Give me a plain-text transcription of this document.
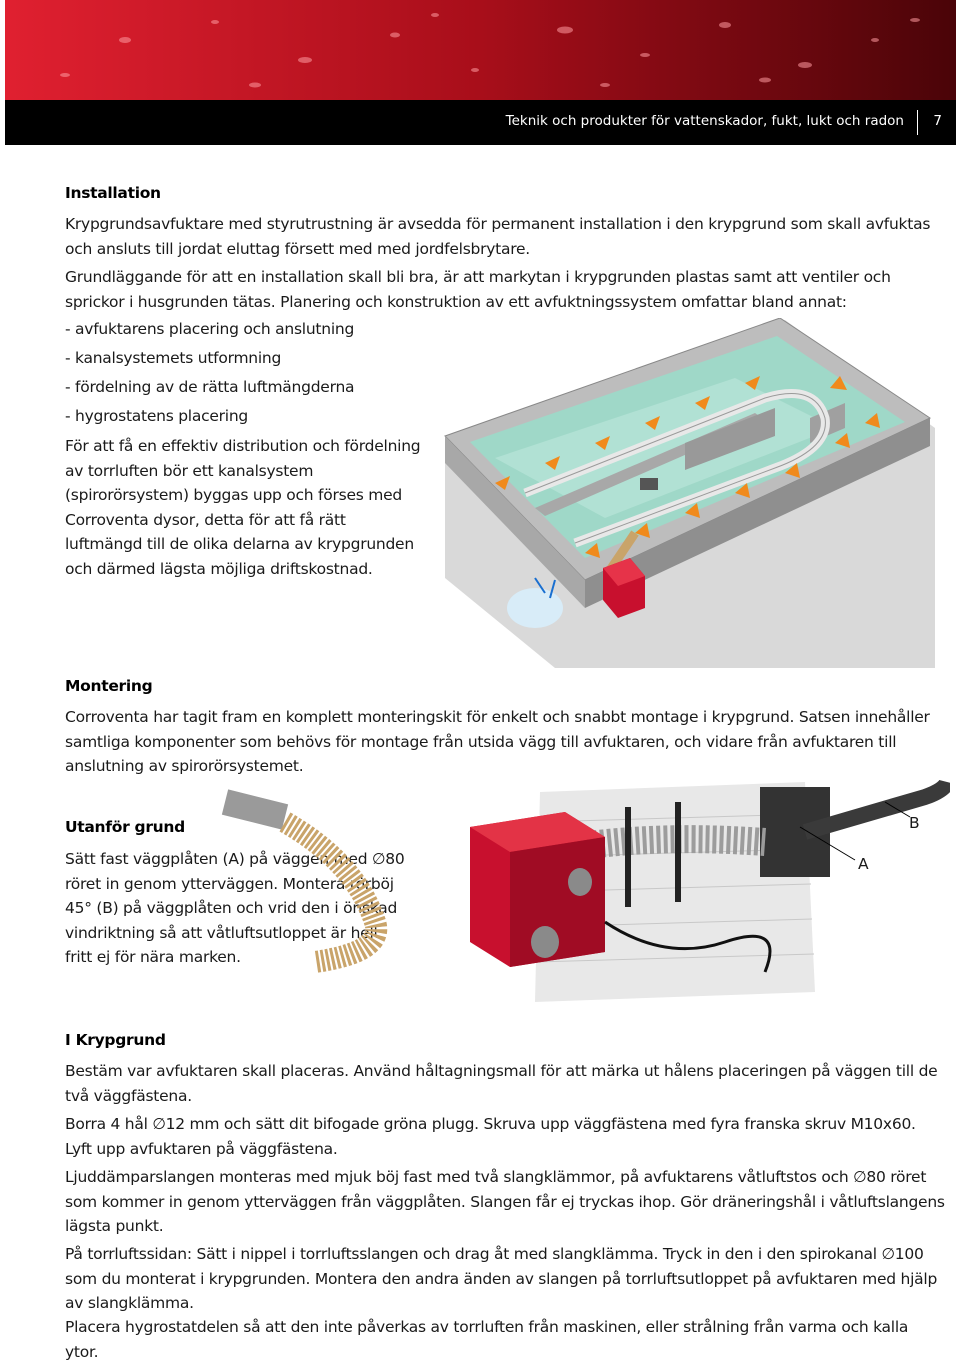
Teknik och produkter för vattenskador, fukt, lukt och radon 7
Installation

Krypgrundsavfuktare med styrutrustning är avsedda för permanent installation i den krypgrund som skall avfuktas och ansluts till jordat eluttag försett med med jordfelsbrytare.

Grundläggande för att en installation skall bli bra, är att markytan i krypgrunden plastas samt att ventiler och sprickor i husgrunden tätas. Planering och konstruktion av ett avfuktningssystem omfattar bland annat:

- avfuktarens placering och anslutning
- kanalsystemets utformning
- fördelning av de rätta luftmängderna
- hygrostatens placering

För att få en effektiv distribution och fördelning av torrluften bör ett kanalsystem (spirorörsystem) byggas upp och förses med Corroventa dysor, detta för att få rätt luftmängd till de olika delarna av krypgrunden och därmed lägsta möjliga driftskostnad.

Montering

Corroventa har tagit fram en komplett monteringskit för enkelt och snabbt montage i krypgrund. Satsen innehåller samtliga komponenter som behövs för montage från utsida vägg till avfuktaren, och vidare från avfuktaren till anslutning av spirorörsystemet.

Utanför grund

Sätt fast väggplåten (A) på väggen med ∅80 röret in genom ytterväggen. Montera rörböj 45° (B) på väggplåten och vrid den i önskad vindriktning så att våtluftsutloppet är helt fritt ej för nära marken.

A
B
I Krypgrund

Bestäm var avfuktaren skall placeras. Använd håltagningsmall för att märka ut hålens placeringen på väggen till de två väggfästena.

Borra 4 hål ∅12 mm och sätt dit bifogade gröna plugg. Skruva upp väggfästena med fyra franska skruv M10x60. Lyft upp avfuktaren på väggfästena.

Ljuddämparslangen monteras med mjuk böj fast med två slangklämmor, på avfuktarens våtluftstos och ∅80 röret som kommer in genom ytterväggen från väggplåten. Slangen får ej tryckas ihop. Gör dräneringshål i våtluftslangens lägsta punkt.

På torrluftssidan: Sätt i nippel i torrluftsslangen och drag åt med slangklämma. Tryck in den i den spirokanal ∅100 som du monterat i krypgrunden. Montera den andra änden av slangen på torrluftsutloppet på avfuktaren med hjälp av slangklämma.

Placera hygrostatdelen så att den inte påverkas av torrluften från maskinen, eller strålning från varma och kalla ytor.
